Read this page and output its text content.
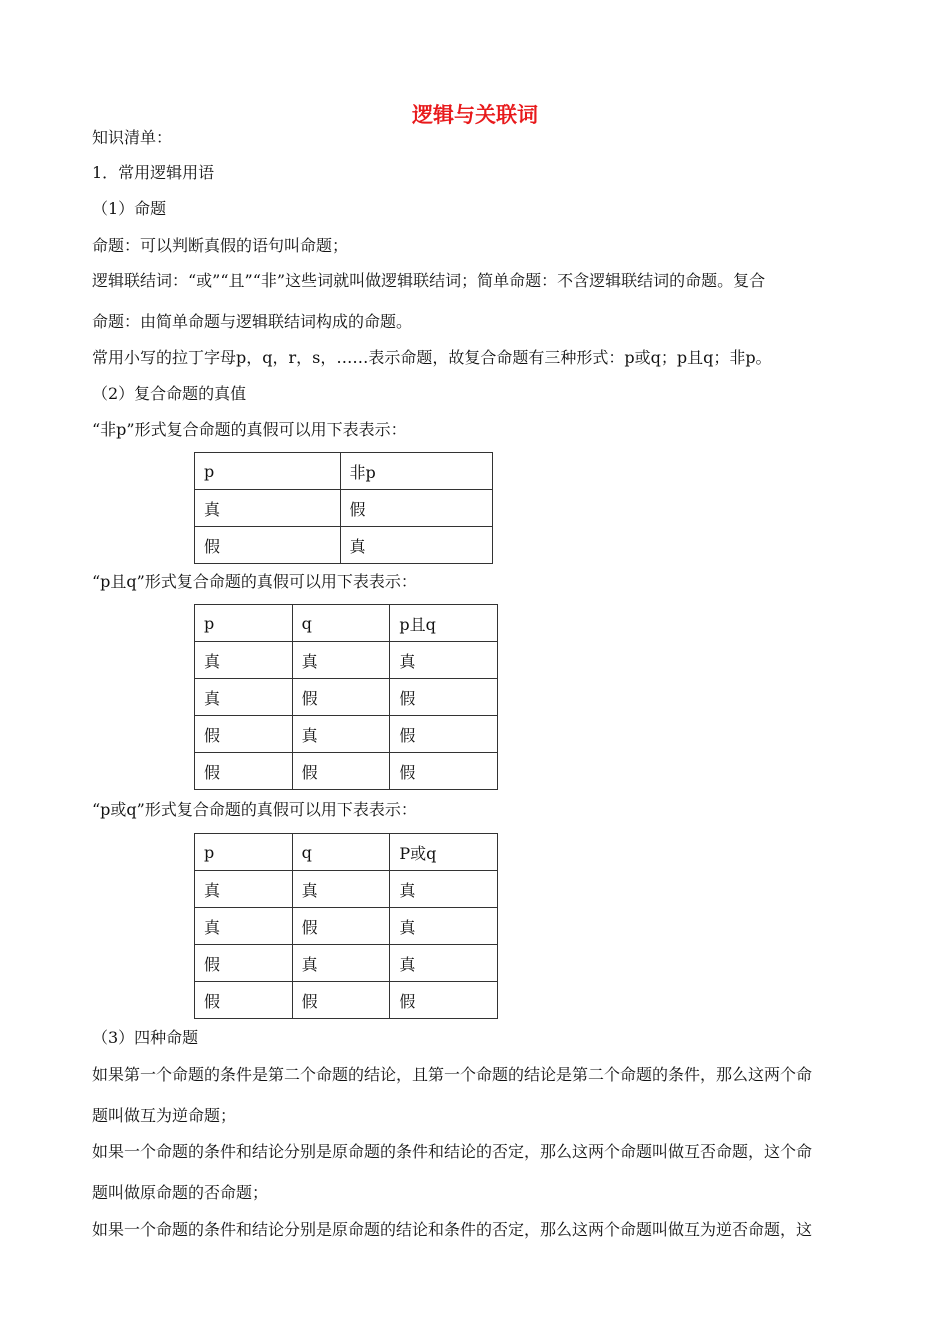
逻辑与关联词
知识清单：
1．常用逻辑用语
（1）命题
命题：可以判断真假的语句叫命题；
逻辑联结词：“或”“且”“非”这些词就叫做逻辑联结词；简单命题：不含逻辑联结词的命题。复合
命题：由简单命题与逻辑联结词构成的命题。
常用小写的拉丁字母p，q，r，s，……表示命题，故复合命题有三种形式：p或q；p且q；非p。
（2）复合命题的真值
“非p”形式复合命题的真假可以用下表表示：
p	非p
真	假
假	真
“p且q”形式复合命题的真假可以用下表表示：
p	q	p且q
真	真	真
真	假	假
假	真	假
假	假	假
“p或q”形式复合命题的真假可以用下表表示：
p	q	P或q
真	真	真
真	假	真
假	真	真
假	假	假
（3）四种命题
如果第一个命题的条件是第二个命题的结论，且第一个命题的结论是第二个命题的条件，那么这两个命
题叫做互为逆命题；
如果一个命题的条件和结论分别是原命题的条件和结论的否定，那么这两个命题叫做互否命题，这个命
题叫做原命题的否命题；
如果一个命题的条件和结论分别是原命题的结论和条件的否定，那么这两个命题叫做互为逆否命题，这
